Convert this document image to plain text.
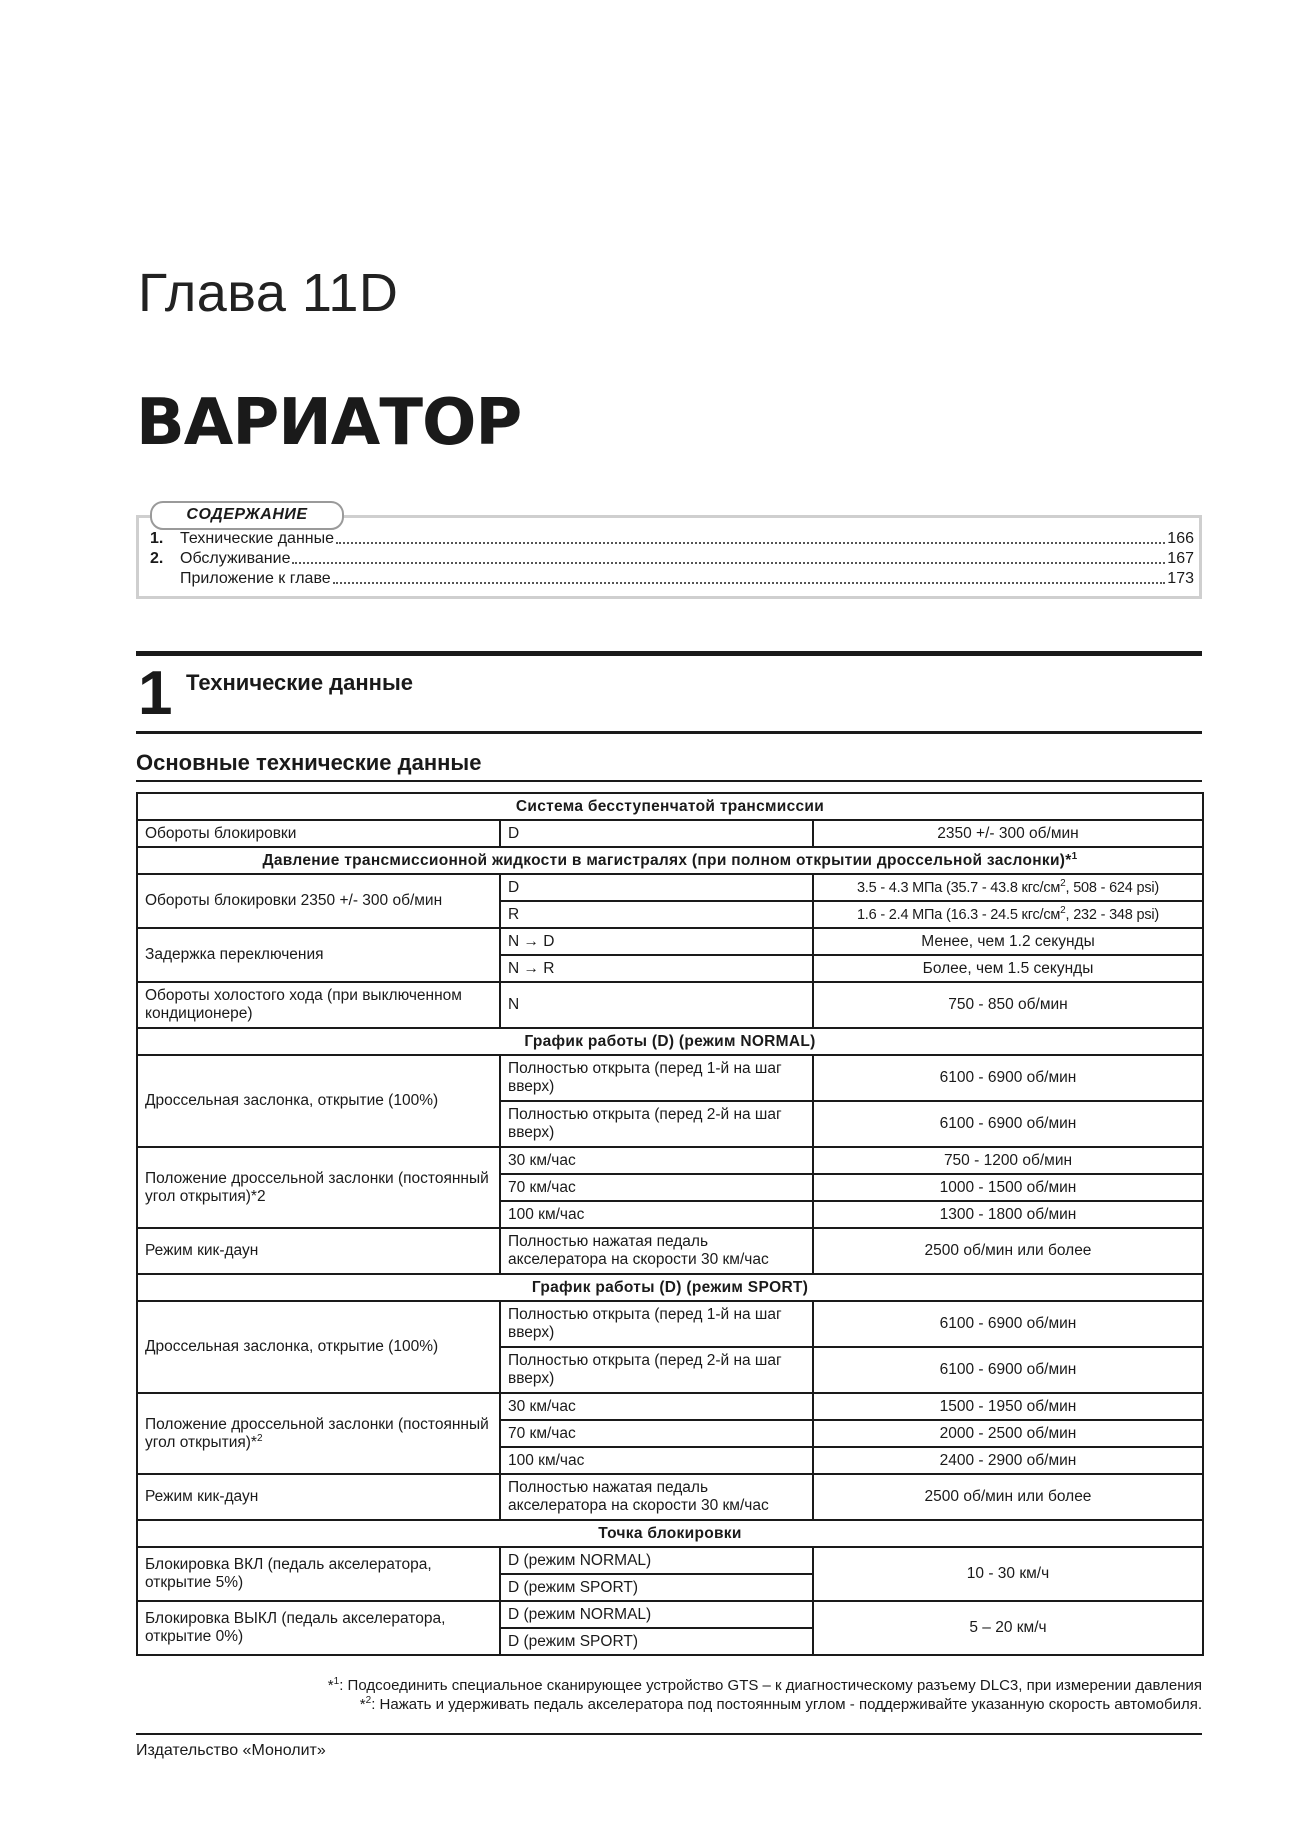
Глава 11D
ВАРИАТОР
СОДЕРЖАНИЕ
1.	Технические данные	166
2.	Обслуживание	167
Приложение к главе	173
1 Технические данные
Основные технические данные
Система бесступенчатой трансмиссии		
Обороты блокировки	D	2350 +/- 300 об/мин
Давление трансмиссионной жидкости в магистралях (при полном открытии дроссельной заслонки)*$^1$
Обороты блокировки 2350 +/- 300 об/мин	D	3.5 - 4.3 МПа (35.7 - 43.8 кгс/$см^2$, 508 - 624 psi)
	R	1.6 - 2.4 МПа (16.3 - 24.5 кгс/$см^2$, 232 - 348 psi)
Задержка переключения	N → D	Менее, чем 1.2 секунды
	N → R	Более, чем 1.5 секунды
Обороты холостого хода (при выключенном кондиционере)	N	750 - 850 об/мин
График работы (D) (режим NORMAL)		
Дроссельная заслонка, открытие (100%)	Полностью открыта (перед 1-й на шаг вверх)	6100 - 6900 об/мин
	Полностью открыта (перед 2-й на шаг вверх)	6100 - 6900 об/мин
Положение дроссельной заслонки (постоянный угол открытия)*2	30 км/час	750 - 1200 об/мин
	70 км/час	1000 - 1500 об/мин
	100 км/час	1300 - 1800 об/мин
Режим кик-даун	Полностью нажатая педаль акселератора на скорости 30 км/час	2500 об/мин или более
График работы (D) (режим SPORT)		
Дроссельная заслонка, открытие (100%)	Полностью открыта (перед 1-й на шаг вверх)	6100 - 6900 об/мин
	Полностью открыта (перед 2-й на шаг вверх)	6100 - 6900 об/мин
Положение дроссельной заслонки (постоянный угол открытия)*$^2$	30 км/час	1500 - 1950 об/мин
	70 км/час	2000 - 2500 об/мин
	100 км/час	2400 - 2900 об/мин
Режим кик-даун	Полностью нажатая педаль акселератора на скорости 30 км/час	2500 об/мин или более
Точка блокировки		
Блокировка ВКЛ (педаль акселератора, открытие 5%)	D (режим NORMAL)	10 - 30 км/ч
	D (режим SPORT)	
Блокировка ВЫКЛ (педаль акселератора, открытие 0%)	D (режим NORMAL)	5 – 20 км/ч
	D (режим SPORT)	
*$^1$: Подсоединить специальное сканирующее устройство GTS – к диагностическому разъему DLC3, при измерении давления
*$^2$: Нажать и удерживать педаль акселератора под постоянным углом - поддерживайте указанную скорость автомобиля.
Издательство «Монолит»
